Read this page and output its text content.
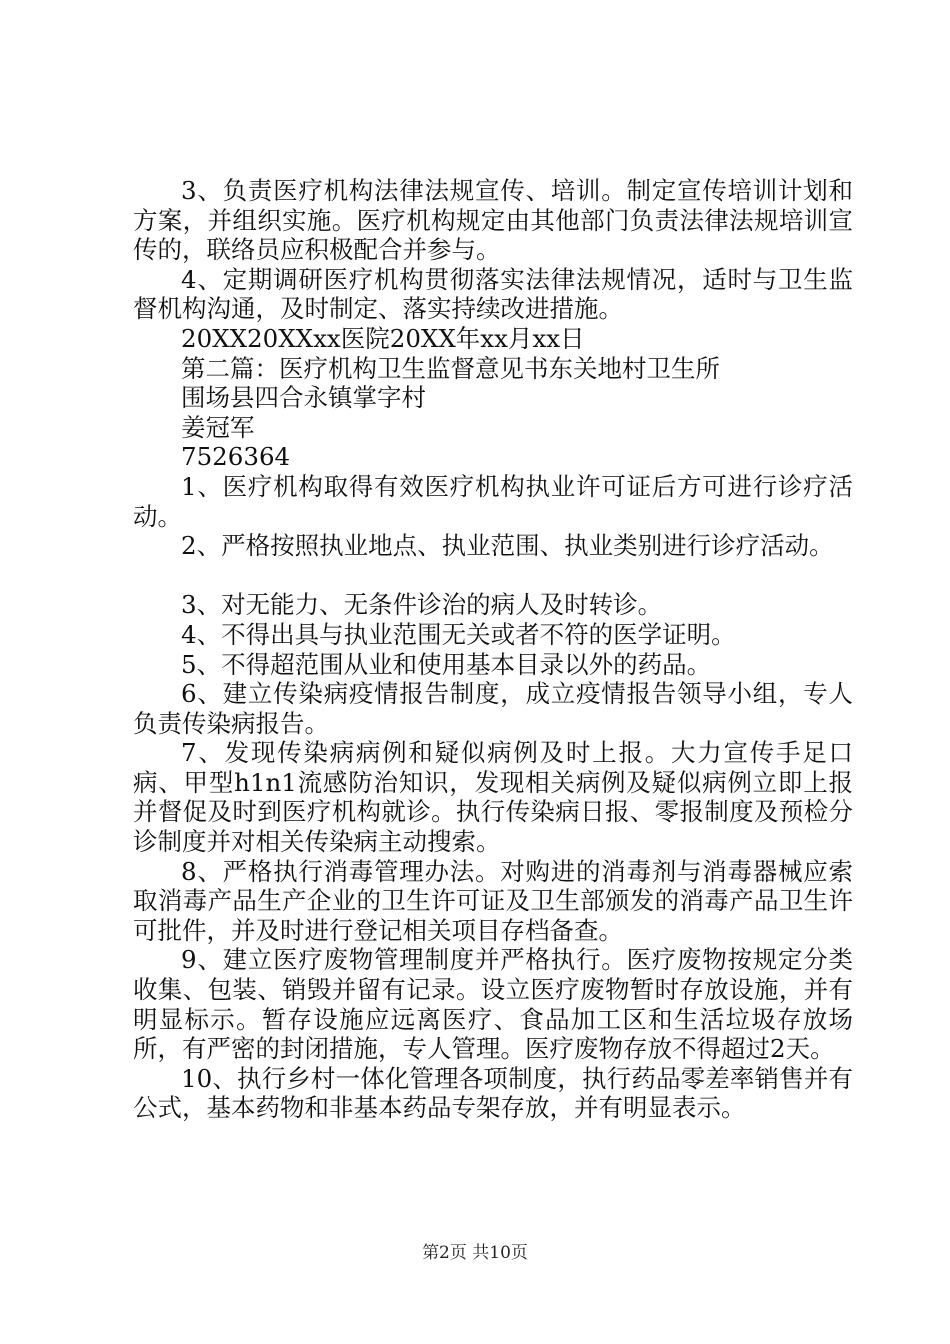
3、负责医疗机构法律法规宣传、培训。制定宣传培训计划和方案，并组织实施。医疗机构规定由其他部门负责法律法规培训宣传的，联络员应积极配合并参与。

4、定期调研医疗机构贯彻落实法律法规情况，适时与卫生监督机构沟通，及时制定、落实持续改进措施。

20XX20XXxx医院20XX年xx月xx日

第二篇：医疗机构卫生监督意见书东关地村卫生所

围场县四合永镇掌字村

姜冠军

7526364

1、医疗机构取得有效医疗机构执业许可证后方可进行诊疗活动。

2、严格按照执业地点、执业范围、执业类别进行诊疗活动。

3、对无能力、无条件诊治的病人及时转诊。

4、不得出具与执业范围无关或者不符的医学证明。

5、不得超范围从业和使用基本目录以外的药品。

6、建立传染病疫情报告制度，成立疫情报告领导小组，专人负责传染病报告。

7、发现传染病病例和疑似病例及时上报。大力宣传手足口病、甲型h1n1流感防治知识，发现相关病例及疑似病例立即上报并督促及时到医疗机构就诊。执行传染病日报、零报制度及预检分诊制度并对相关传染病主动搜索。

8、严格执行消毒管理办法。对购进的消毒剂与消毒器械应索取消毒产品生产企业的卫生许可证及卫生部颁发的消毒产品卫生许可批件，并及时进行登记相关项目存档备查。

9、建立医疗废物管理制度并严格执行。医疗废物按规定分类收集、包装、销毁并留有记录。设立医疗废物暂时存放设施，并有明显标示。暂存设施应远离医疗、食品加工区和生活垃圾存放场所，有严密的封闭措施，专人管理。医疗废物存放不得超过2天。

10、执行乡村一体化管理各项制度，执行药品零差率销售并有公式，基本药物和非基本药品专架存放，并有明显表示。

第2页 共10页
